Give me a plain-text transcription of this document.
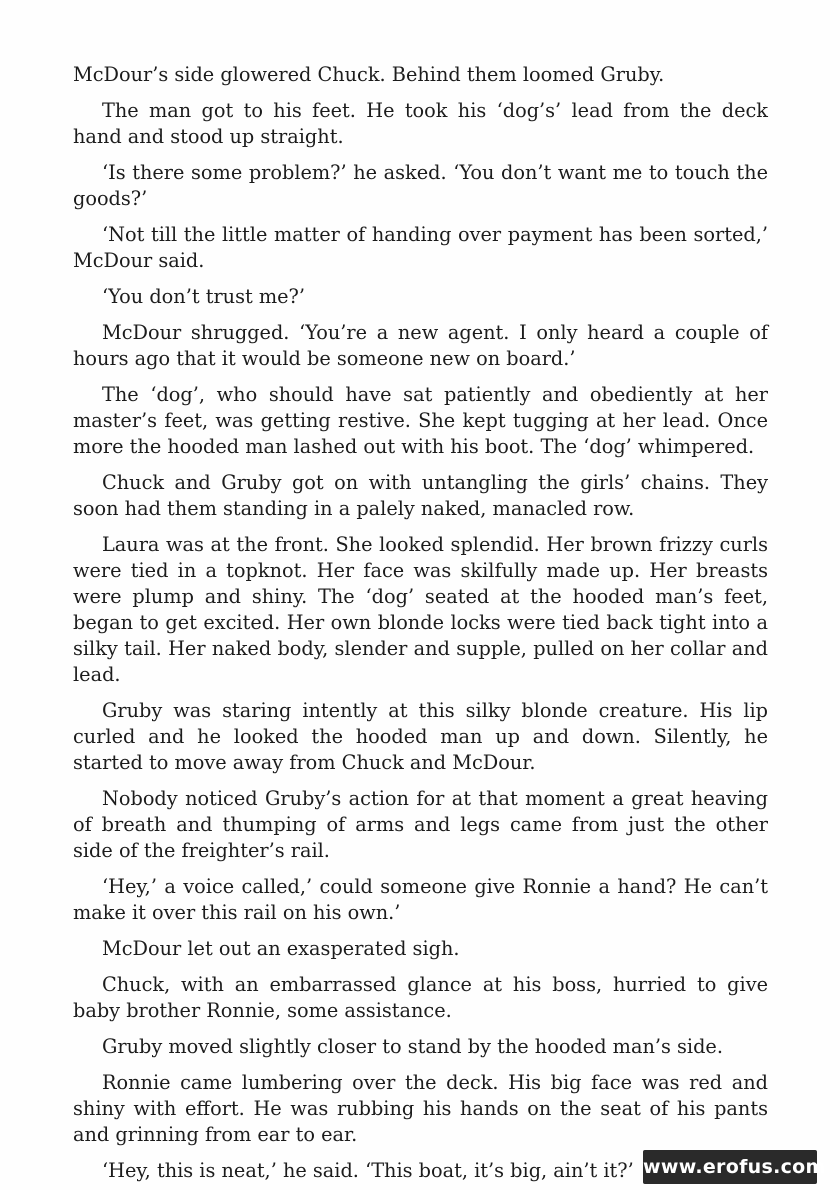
McDour’s side glowered Chuck. Behind them loomed Gruby.

The man got to his feet. He took his ‘dog’s’ lead from the deck hand and stood up straight.

‘Is there some problem?’ he asked. ‘You don’t want me to touch the goods?’

‘Not till the little matter of handing over payment has been sorted,’ McDour said.

‘You don’t trust me?’

McDour shrugged. ‘You’re a new agent. I only heard a couple of hours ago that it would be someone new on board.’

The ‘dog’, who should have sat patiently and obediently at her master’s feet, was getting restive. She kept tugging at her lead. Once more the hooded man lashed out with his boot. The ‘dog’ whimpered.

Chuck and Gruby got on with untangling the girls’ chains. They soon had them standing in a palely naked, manacled row.

Laura was at the front. She looked splendid. Her brown frizzy curls were tied in a topknot. Her face was skilfully made up. Her breasts were plump and shiny. The ‘dog’ seated at the hooded man’s feet, began to get excited. Her own blonde locks were tied back tight into a silky tail. Her naked body, slender and supple, pulled on her collar and lead.

Gruby was staring intently at this silky blonde creature. His lip curled and he looked the hooded man up and down. Silently, he started to move away from Chuck and McDour.

Nobody noticed Gruby’s action for at that moment a great heaving of breath and thumping of arms and legs came from just the other side of the freighter’s rail.

‘Hey,’ a voice called,’ could someone give Ronnie a hand? He can’t make it over this rail on his own.’

McDour let out an exasperated sigh.

Chuck, with an embarrassed glance at his boss, hurried to give baby brother Ronnie, some assistance.

Gruby moved slightly closer to stand by the hooded man’s side.

Ronnie came lumbering over the deck. His big face was red and shiny with effort. He was rubbing his hands on the seat of his pants and grinning from ear to ear.

‘Hey, this is neat,’ he said. ‘This boat, it’s big, ain’t it?’ www.erofus.com
